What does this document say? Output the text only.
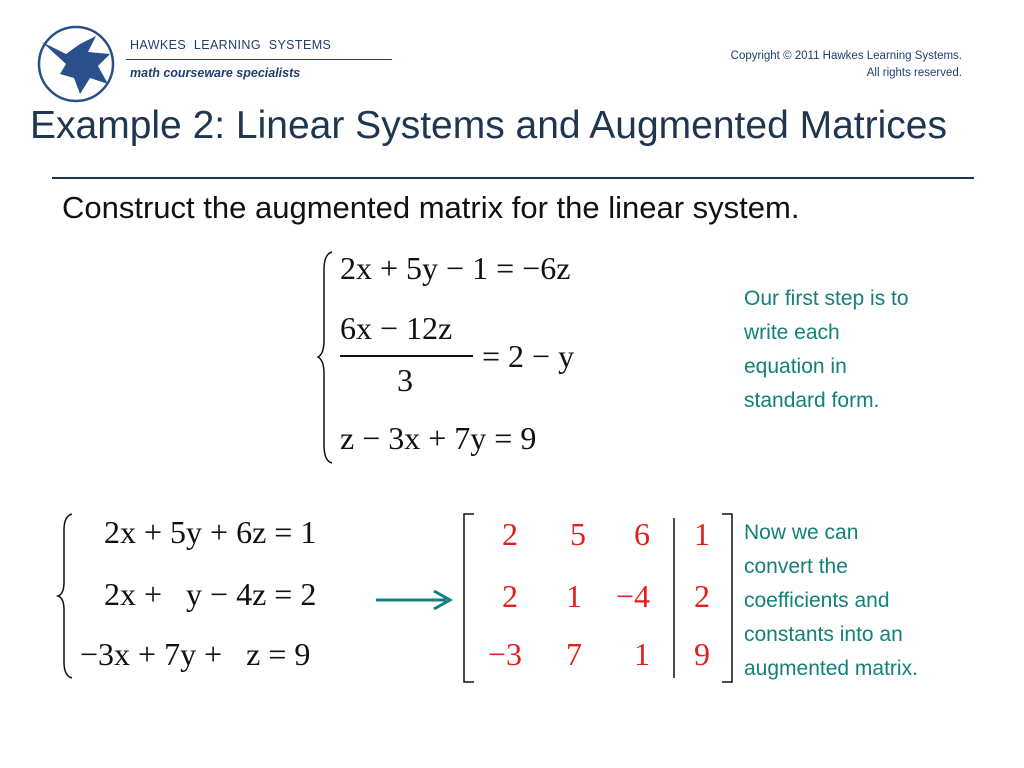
HAWKES  LEARNING  SYSTEMS
math courseware specialists
Copyright © 2011 Hawkes Learning Systems.
All rights reserved.
Example 2: Linear Systems and Augmented Matrices
Construct the augmented matrix for the linear system.
2x + 5y − 1 = −6z
6x − 12z
3
= 2 − y
z − 3x + 7y = 9
Our first step is to
write each
equation in
standard form.
2x + 5y + 6z = 1
2x +   y − 4z = 2
−3x + 7y +   z = 9
2	5	6	1
2	1	−4	2
−3	7	1	9
Now we can
convert the
coefficients and
constants into an
augmented matrix.
